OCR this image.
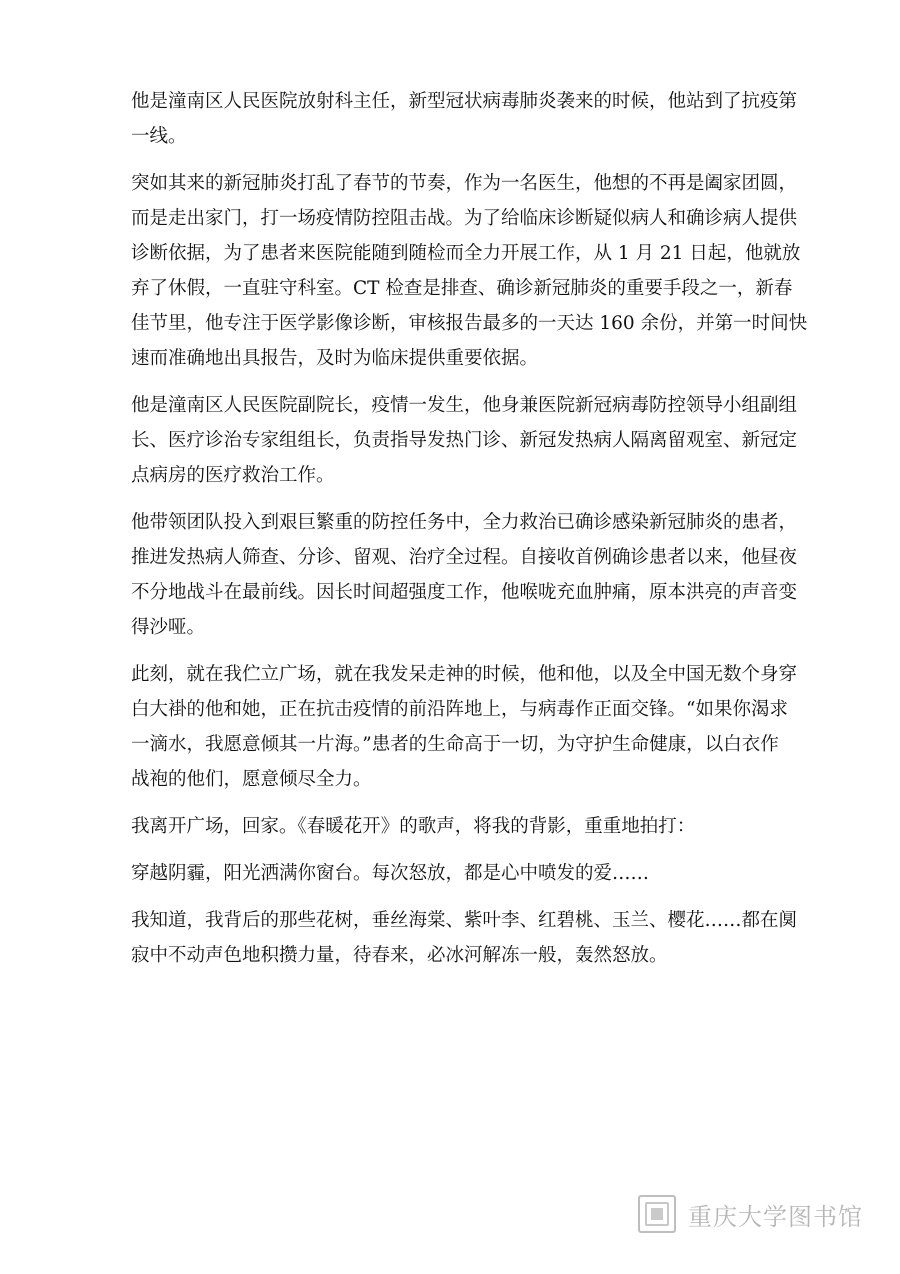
他是潼南区人民医院放射科主任，新型冠状病毒肺炎袭来的时候，他站到了抗疫第
一线。

突如其来的新冠肺炎打乱了春节的节奏，作为一名医生，他想的不再是阖家团圆，
而是走出家门，打一场疫情防控阻击战。为了给临床诊断疑似病人和确诊病人提供
诊断依据，为了患者来医院能随到随检而全力开展工作，从 1 月 21 日起，他就放
弃了休假，一直驻守科室。CT 检查是排查、确诊新冠肺炎的重要手段之一，新春
佳节里，他专注于医学影像诊断，审核报告最多的一天达 160 余份，并第一时间快
速而准确地出具报告，及时为临床提供重要依据。

他是潼南区人民医院副院长，疫情一发生，他身兼医院新冠病毒防控领导小组副组
长、医疗诊治专家组组长，负责指导发热门诊、新冠发热病人隔离留观室、新冠定
点病房的医疗救治工作。

他带领团队投入到艰巨繁重的防控任务中，全力救治已确诊感染新冠肺炎的患者，
推进发热病人筛查、分诊、留观、治疗全过程。自接收首例确诊患者以来，他昼夜
不分地战斗在最前线。因长时间超强度工作，他喉咙充血肿痛，原本洪亮的声音变
得沙哑。

此刻，就在我伫立广场，就在我发呆走神的时候，他和他，以及全中国无数个身穿
白大褂的他和她，正在抗击疫情的前沿阵地上，与病毒作正面交锋。“如果你渴求
一滴水，我愿意倾其一片海。”患者的生命高于一切，为守护生命健康，以白衣作
战袍的他们，愿意倾尽全力。

我离开广场，回家。《春暖花开》的歌声，将我的背影，重重地拍打：

穿越阴霾，阳光洒满你窗台。每次怒放，都是心中喷发的爱……

我知道，我背后的那些花树，垂丝海棠、紫叶李、红碧桃、玉兰、樱花……都在阒
寂中不动声色地积攒力量，待春来，必冰河解冻一般，轰然怒放。

重庆大学图书馆
